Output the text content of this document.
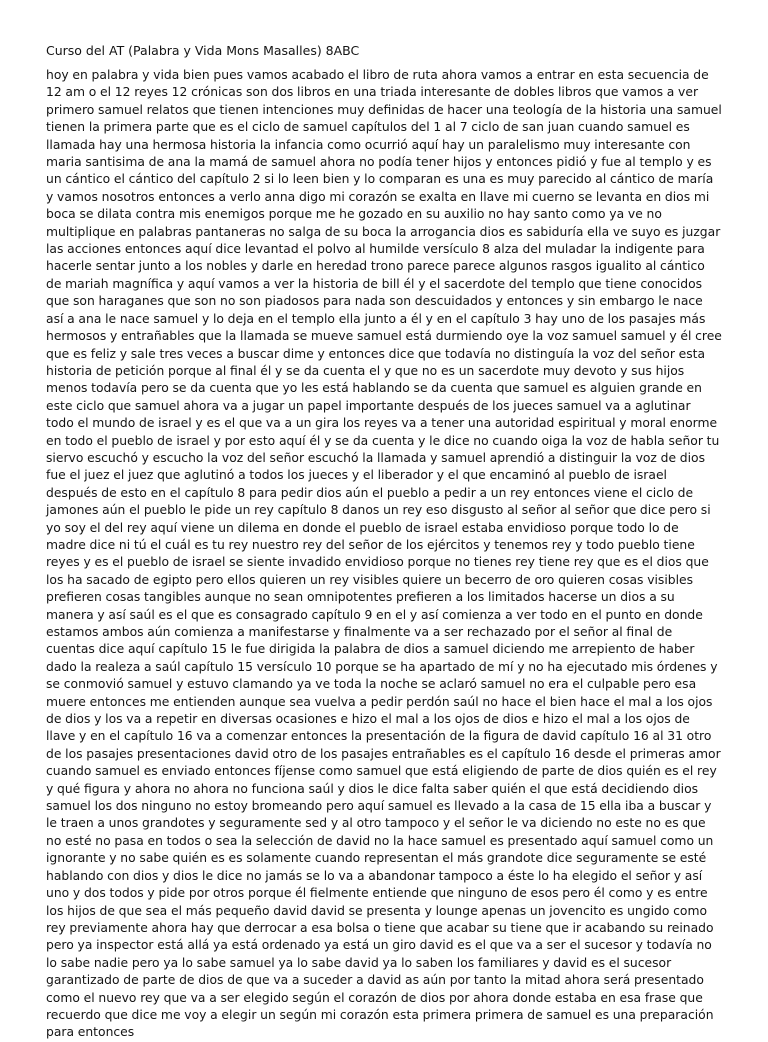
Curso del AT (Palabra y Vida Mons Masalles) 8ABC

hoy en palabra y vida bien pues vamos acabado el libro de ruta ahora vamos a entrar en esta secuencia de 12 am o el 12 reyes 12 crónicas son dos libros en una triada interesante de dobles libros que vamos a ver primero samuel relatos que tienen intenciones muy definidas de hacer una teología de la historia una samuel tienen la primera parte que es el ciclo de samuel capítulos del 1 al 7 ciclo de san juan cuando samuel es llamada hay una hermosa historia la infancia como ocurrió aquí hay un paralelismo muy interesante con maria santisima de ana la mamá de samuel ahora no podía tener hijos y entonces pidió y fue al templo y es un cántico el cántico del capítulo 2 si lo leen bien y lo comparan es una es muy parecido al cántico de maría y vamos nosotros entonces a verlo anna digo mi corazón se exalta en llave mi cuerno se levanta en dios mi boca se dilata contra mis enemigos porque me he gozado en su auxilio no hay santo como ya ve no multiplique en palabras pantaneras no salga de su boca la arrogancia dios es sabiduría ella ve suyo es juzgar las acciones entonces aquí dice levantad el polvo al humilde versículo 8 alza del muladar la indigente para hacerle sentar junto a los nobles y darle en heredad trono parece parece algunos rasgos igualito al cántico de mariah magnífica y aquí vamos a ver la historia de bill él y el sacerdote del templo que tiene conocidos que son haraganes que son no son piadosos para nada son descuidados y entonces y sin embargo le nace así a ana le nace samuel y lo deja en el templo ella junto a él y en el capítulo 3 hay uno de los pasajes más hermosos y entrañables que la llamada se mueve samuel está durmiendo oye la voz samuel samuel y él cree que es feliz y sale tres veces a buscar dime y entonces dice que todavía no distinguía la voz del señor esta historia de petición porque al final él y se da cuenta el y que no es un sacerdote muy devoto y sus hijos menos todavía pero se da cuenta que yo les está hablando se da cuenta que samuel es alguien grande en este ciclo que samuel ahora va a jugar un papel importante después de los jueces samuel va a aglutinar todo el mundo de israel y es el que va a un gira los reyes va a tener una autoridad espiritual y moral enorme en todo el pueblo de israel y por esto aquí él y se da cuenta y le dice no cuando oiga la voz de habla señor tu siervo escuchó y escucho la voz del señor escuchó la llamada y samuel aprendió a distinguir la voz de dios fue el juez el juez que aglutinó a todos los jueces y el liberador y el que encaminó al pueblo de israel después de esto en el capítulo 8 para pedir dios aún el pueblo a pedir a un rey entonces viene el ciclo de jamones aún el pueblo le pide un rey capítulo 8 danos un rey eso disgusto al señor al señor que dice pero si yo soy el del rey aquí viene un dilema en donde el pueblo de israel estaba envidioso porque todo lo de madre dice ni tú el cuál es tu rey nuestro rey del señor de los ejércitos y tenemos rey y todo pueblo tiene reyes y es el pueblo de israel se siente invadido envidioso porque no tienes rey tiene rey que es el dios que los ha sacado de egipto pero ellos quieren un rey visibles quiere un becerro de oro quieren cosas visibles prefieren cosas tangibles aunque no sean omnipotentes prefieren a los limitados hacerse un dios a su manera y así saúl es el que es consagrado capítulo 9 en el y así comienza a ver todo en el punto en donde estamos ambos aún comienza a manifestarse y finalmente va a ser rechazado por el señor al final de cuentas dice aquí capítulo 15 le fue dirigida la palabra de dios a samuel diciendo me arrepiento de haber dado la realeza a saúl capítulo 15 versículo 10 porque se ha apartado de mí y no ha ejecutado mis órdenes y se conmovió samuel y estuvo clamando ya ve toda la noche se aclaró samuel no era el culpable pero esa muere entonces me entienden aunque sea vuelva a pedir perdón saúl no hace el bien hace el mal a los ojos de dios y los va a repetir en diversas ocasiones e hizo el mal a los ojos de dios e hizo el mal a los ojos de llave y en el capítulo 16 va a comenzar entonces la presentación de la figura de david capítulo 16 al 31 otro de los pasajes presentaciones david otro de los pasajes entrañables es el capítulo 16 desde el primeras amor cuando samuel es enviado entonces fíjense como samuel que está eligiendo de parte de dios quién es el rey y qué figura y ahora no ahora no funciona saúl y dios le dice falta saber quién el que está decidiendo dios samuel los dos ninguno no estoy bromeando pero aquí samuel es llevado a la casa de 15 ella iba a buscar y le traen a unos grandotes y seguramente sed y al otro tampoco y el señor le va diciendo no este no es que no esté no pasa en todos o sea la selección de david no la hace samuel es presentado aquí samuel como un ignorante y no sabe quién es es solamente cuando representan el más grandote dice seguramente se esté hablando con dios y dios le dice no jamás se lo va a abandonar tampoco a éste lo ha elegido el señor y así uno y dos todos y pide por otros porque él fielmente entiende que ninguno de esos pero él como y es entre los hijos de que sea el más pequeño david david se presenta y lounge apenas un jovencito es ungido como rey previamente ahora hay que derrocar a esa bolsa o tiene que acabar su tiene que ir acabando su reinado pero ya inspector está allá ya está ordenado ya está un giro david es el que va a ser el sucesor y todavía no lo sabe nadie pero ya lo sabe samuel ya lo sabe david ya lo saben los familiares y david es el sucesor garantizado de parte de dios de que va a suceder a david as aún por tanto la mitad ahora será presentado como el nuevo rey que va a ser elegido según el corazón de dios por ahora donde estaba en esa frase que recuerdo que dice me voy a elegir un según mi corazón esta primera primera de samuel es una preparación para entonces
